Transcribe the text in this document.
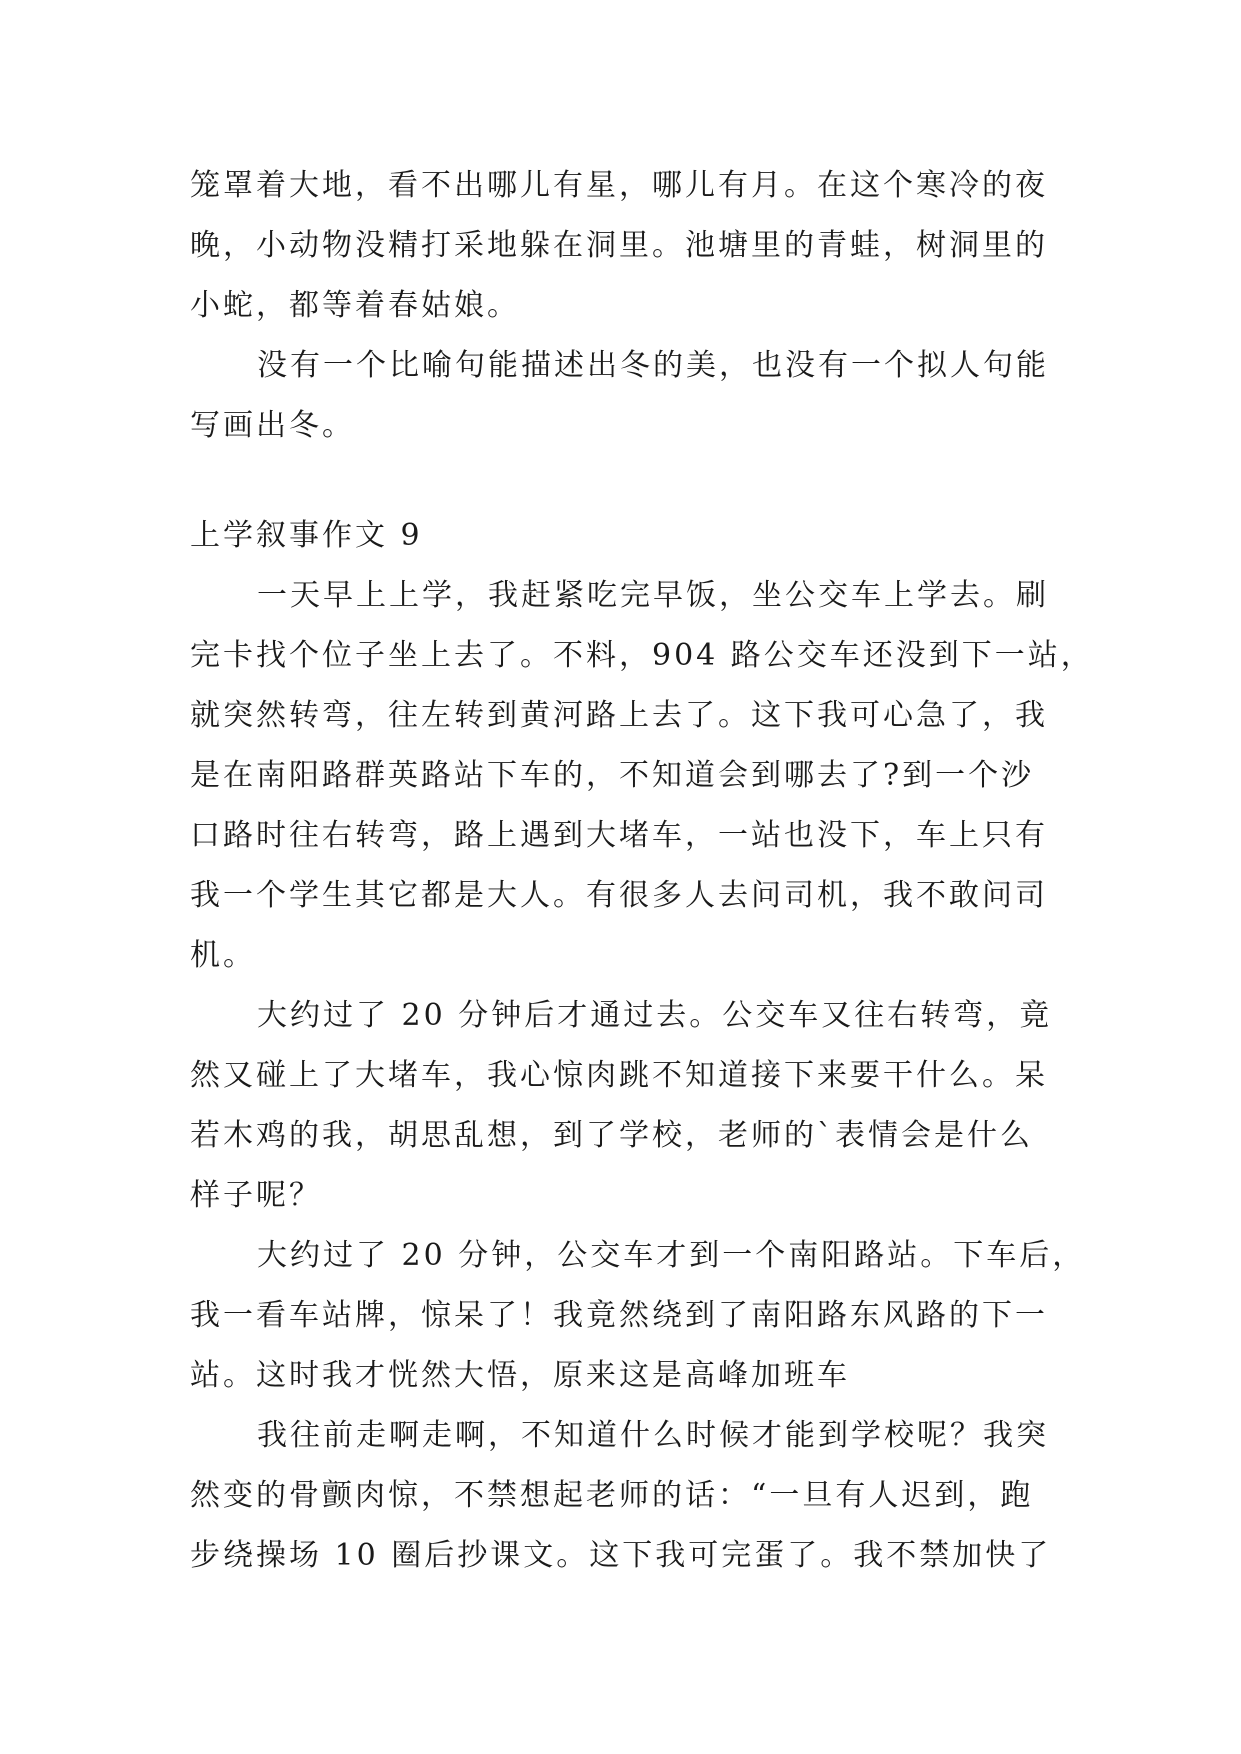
笼罩着大地，看不出哪儿有星，哪儿有月。在这个寒冷的夜
晚，小动物没精打采地躲在洞里。池塘里的青蛙，树洞里的
小蛇，都等着春姑娘。
没有一个比喻句能描述出冬的美，也没有一个拟人句能
写画出冬。
上学叙事作文 9
一天早上上学，我赶紧吃完早饭，坐公交车上学去。刷
完卡找个位子坐上去了。不料，904 路公交车还没到下一站，
就突然转弯，往左转到黄河路上去了。这下我可心急了，我
是在南阳路群英路站下车的，不知道会到哪去了?到一个沙
口路时往右转弯，路上遇到大堵车，一站也没下，车上只有
我一个学生其它都是大人。有很多人去问司机，我不敢问司
机。
大约过了 20 分钟后才通过去。公交车又往右转弯，竟
然又碰上了大堵车，我心惊肉跳不知道接下来要干什么。呆
若木鸡的我，胡思乱想，到了学校，老师的`表情会是什么
样子呢？
大约过了 20 分钟，公交车才到一个南阳路站。下车后，
我一看车站牌，惊呆了！我竟然绕到了南阳路东风路的下一
站。这时我才恍然大悟，原来这是高峰加班车
我往前走啊走啊，不知道什么时候才能到学校呢？我突
然变的骨颤肉惊，不禁想起老师的话：“一旦有人迟到，跑
步绕操场 10 圈后抄课文。这下我可完蛋了。我不禁加快了
